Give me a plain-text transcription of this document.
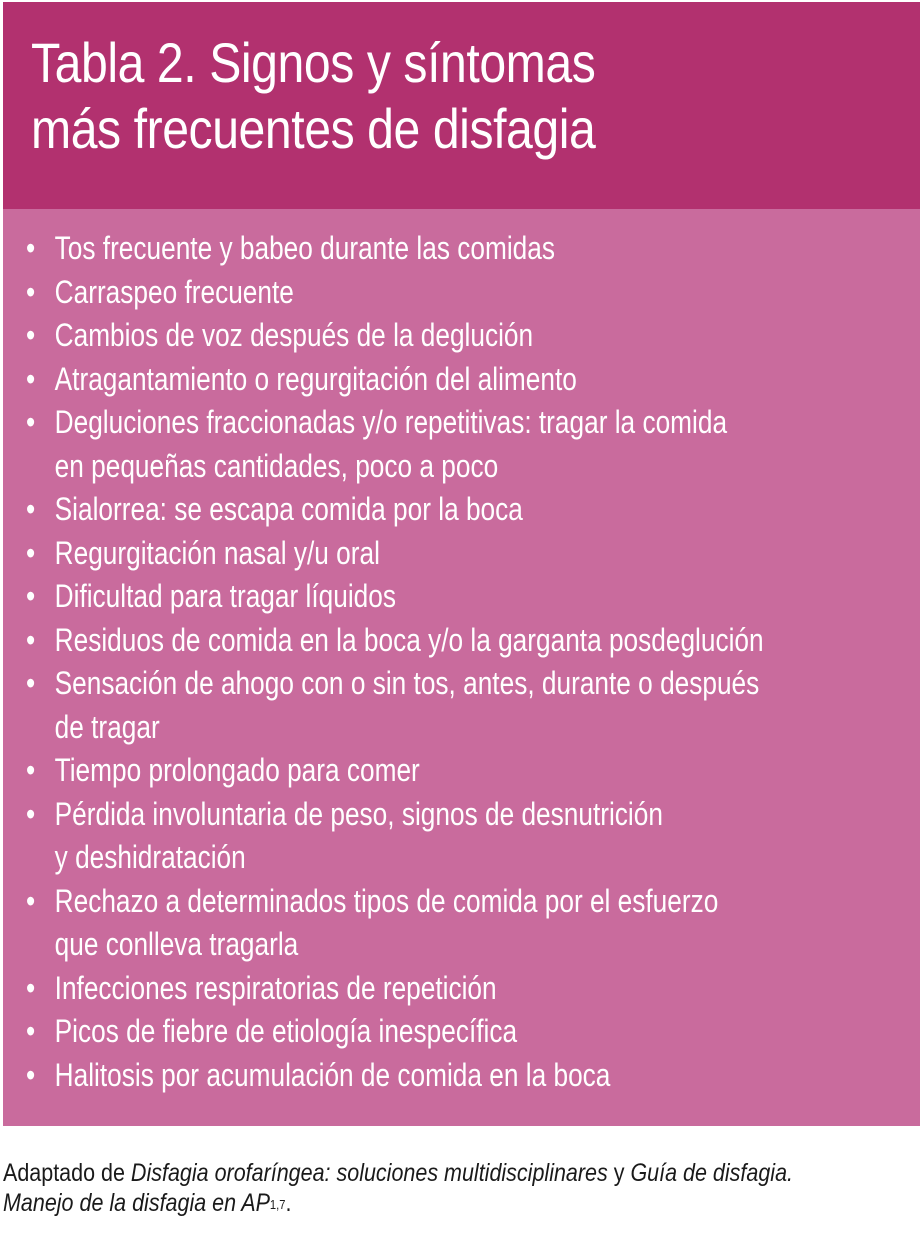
Tabla 2. Signos y síntomas
más frecuentes de disfagia
• Tos frecuente y babeo durante las comidas
• Carraspeo frecuente
• Cambios de voz después de la deglución
• Atragantamiento o regurgitación del alimento
• Degluciones fraccionadas y/o repetitivas: tragar la comida
en pequeñas cantidades, poco a poco
• Sialorrea: se escapa comida por la boca
• Regurgitación nasal y/u oral
• Dificultad para tragar líquidos
• Residuos de comida en la boca y/o la garganta posdeglución
• Sensación de ahogo con o sin tos, antes, durante o después
de tragar
• Tiempo prolongado para comer
• Pérdida involuntaria de peso, signos de desnutrición
y deshidratación
• Rechazo a determinados tipos de comida por el esfuerzo
que conlleva tragarla
• Infecciones respiratorias de repetición
• Picos de fiebre de etiología inespecífica
• Halitosis por acumulación de comida en la boca
Adaptado de Disfagia orofaríngea: soluciones multidisciplinares y Guía de disfagia.
Manejo de la disfagia en AP$^{1,7}$.
